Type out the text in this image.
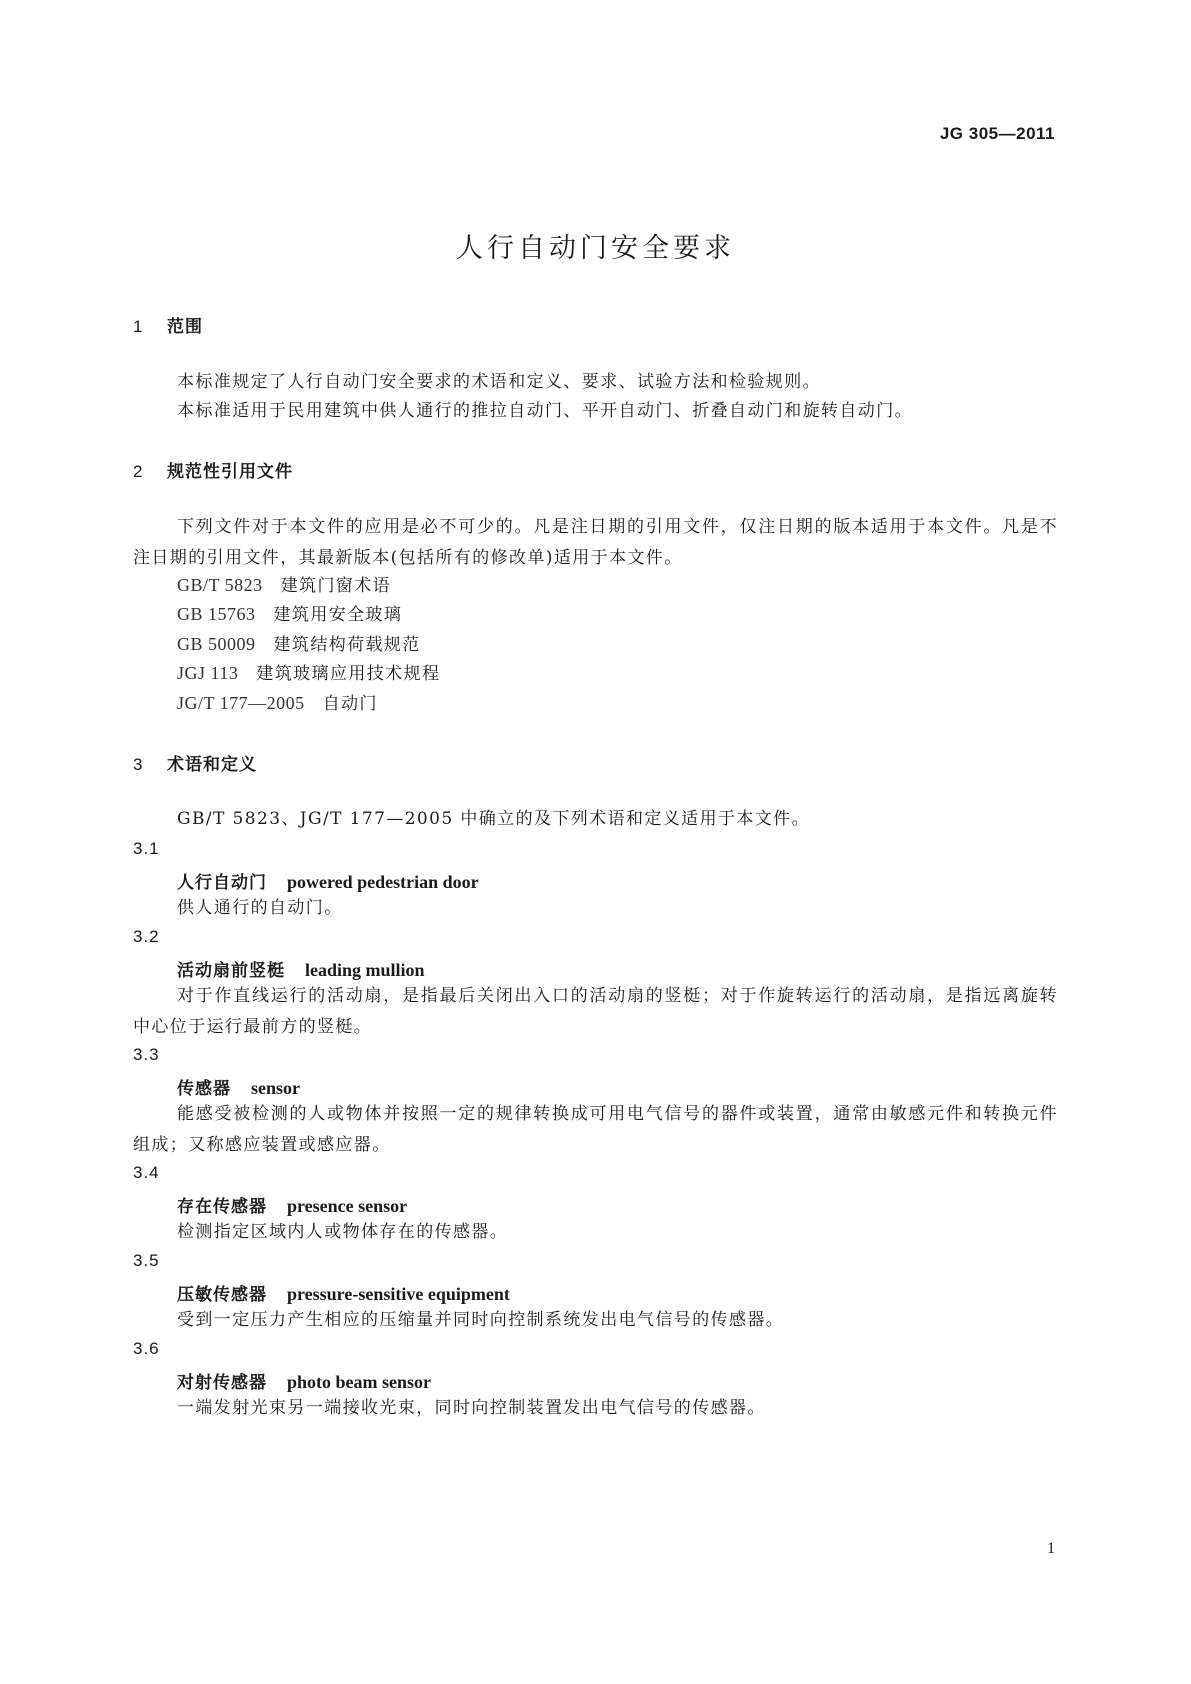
JG 305—2011
人行自动门安全要求
1 范围
本标准规定了人行自动门安全要求的术语和定义、要求、试验方法和检验规则。
本标准适用于民用建筑中供人通行的推拉自动门、平开自动门、折叠自动门和旋转自动门。
2 规范性引用文件
下列文件对于本文件的应用是必不可少的。凡是注日期的引用文件，仅注日期的版本适用于本文件。凡是不注日期的引用文件，其最新版本(包括所有的修改单)适用于本文件。
GB/T 5823 建筑门窗术语
GB 15763 建筑用安全玻璃
GB 50009 建筑结构荷载规范
JGJ 113 建筑玻璃应用技术规程
JG/T 177—2005 自动门
3 术语和定义
GB/T 5823、JG/T 177—2005 中确立的及下列术语和定义适用于本文件。
3.1
人行自动门 powered pedestrian door
供人通行的自动门。
3.2
活动扇前竖梃 leading mullion
对于作直线运行的活动扇，是指最后关闭出入口的活动扇的竖梃；对于作旋转运行的活动扇，是指远离旋转中心位于运行最前方的竖梃。
3.3
传感器 sensor
能感受被检测的人或物体并按照一定的规律转换成可用电气信号的器件或装置，通常由敏感元件和转换元件组成；又称感应装置或感应器。
3.4
存在传感器 presence sensor
检测指定区域内人或物体存在的传感器。
3.5
压敏传感器 pressure-sensitive equipment
受到一定压力产生相应的压缩量并同时向控制系统发出电气信号的传感器。
3.6
对射传感器 photo beam sensor
一端发射光束另一端接收光束，同时向控制装置发出电气信号的传感器。
1
